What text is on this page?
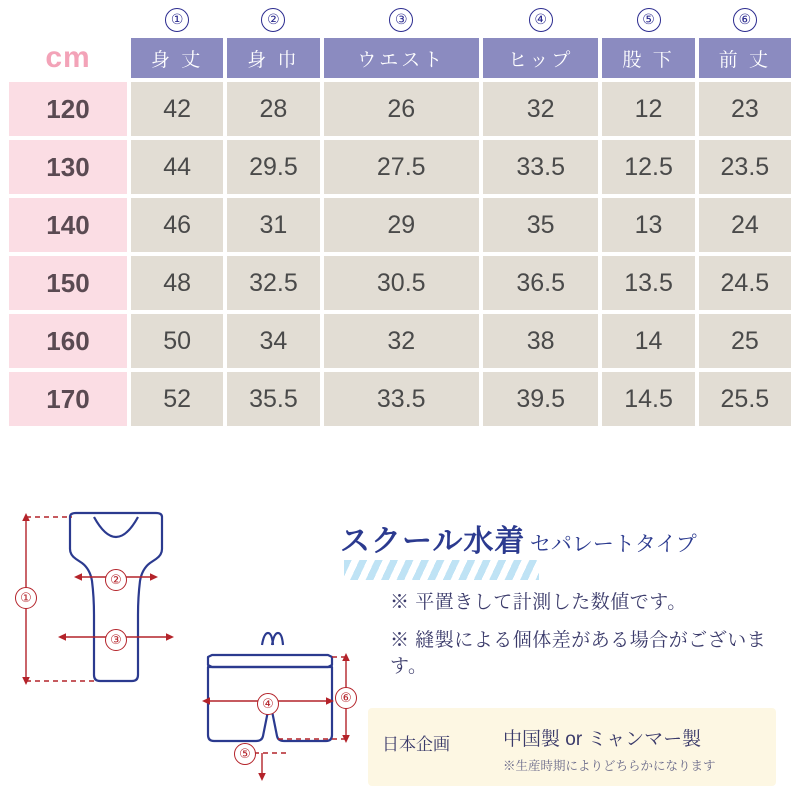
	①	②	③	④	⑤	⑥
cm	身 丈	身 巾	ウエスト	ヒップ	股 下	前 丈
120	42	28	26	32	12	23
130	44	29.5	27.5	33.5	12.5	23.5
140	46	31	29	35	13	24
150	48	32.5	30.5	36.5	13.5	24.5
160	50	34	32	38	14	25
170	52	35.5	33.5	39.5	14.5	25.5
①
②
③
④
⑤
⑥
スクール水着 セパレートタイプ
※ 平置きして計測した数値です。
※ 縫製による個体差がある場合がございます。
日本企画	中国製 or ミャンマー製
※生産時期によりどちらかになります
